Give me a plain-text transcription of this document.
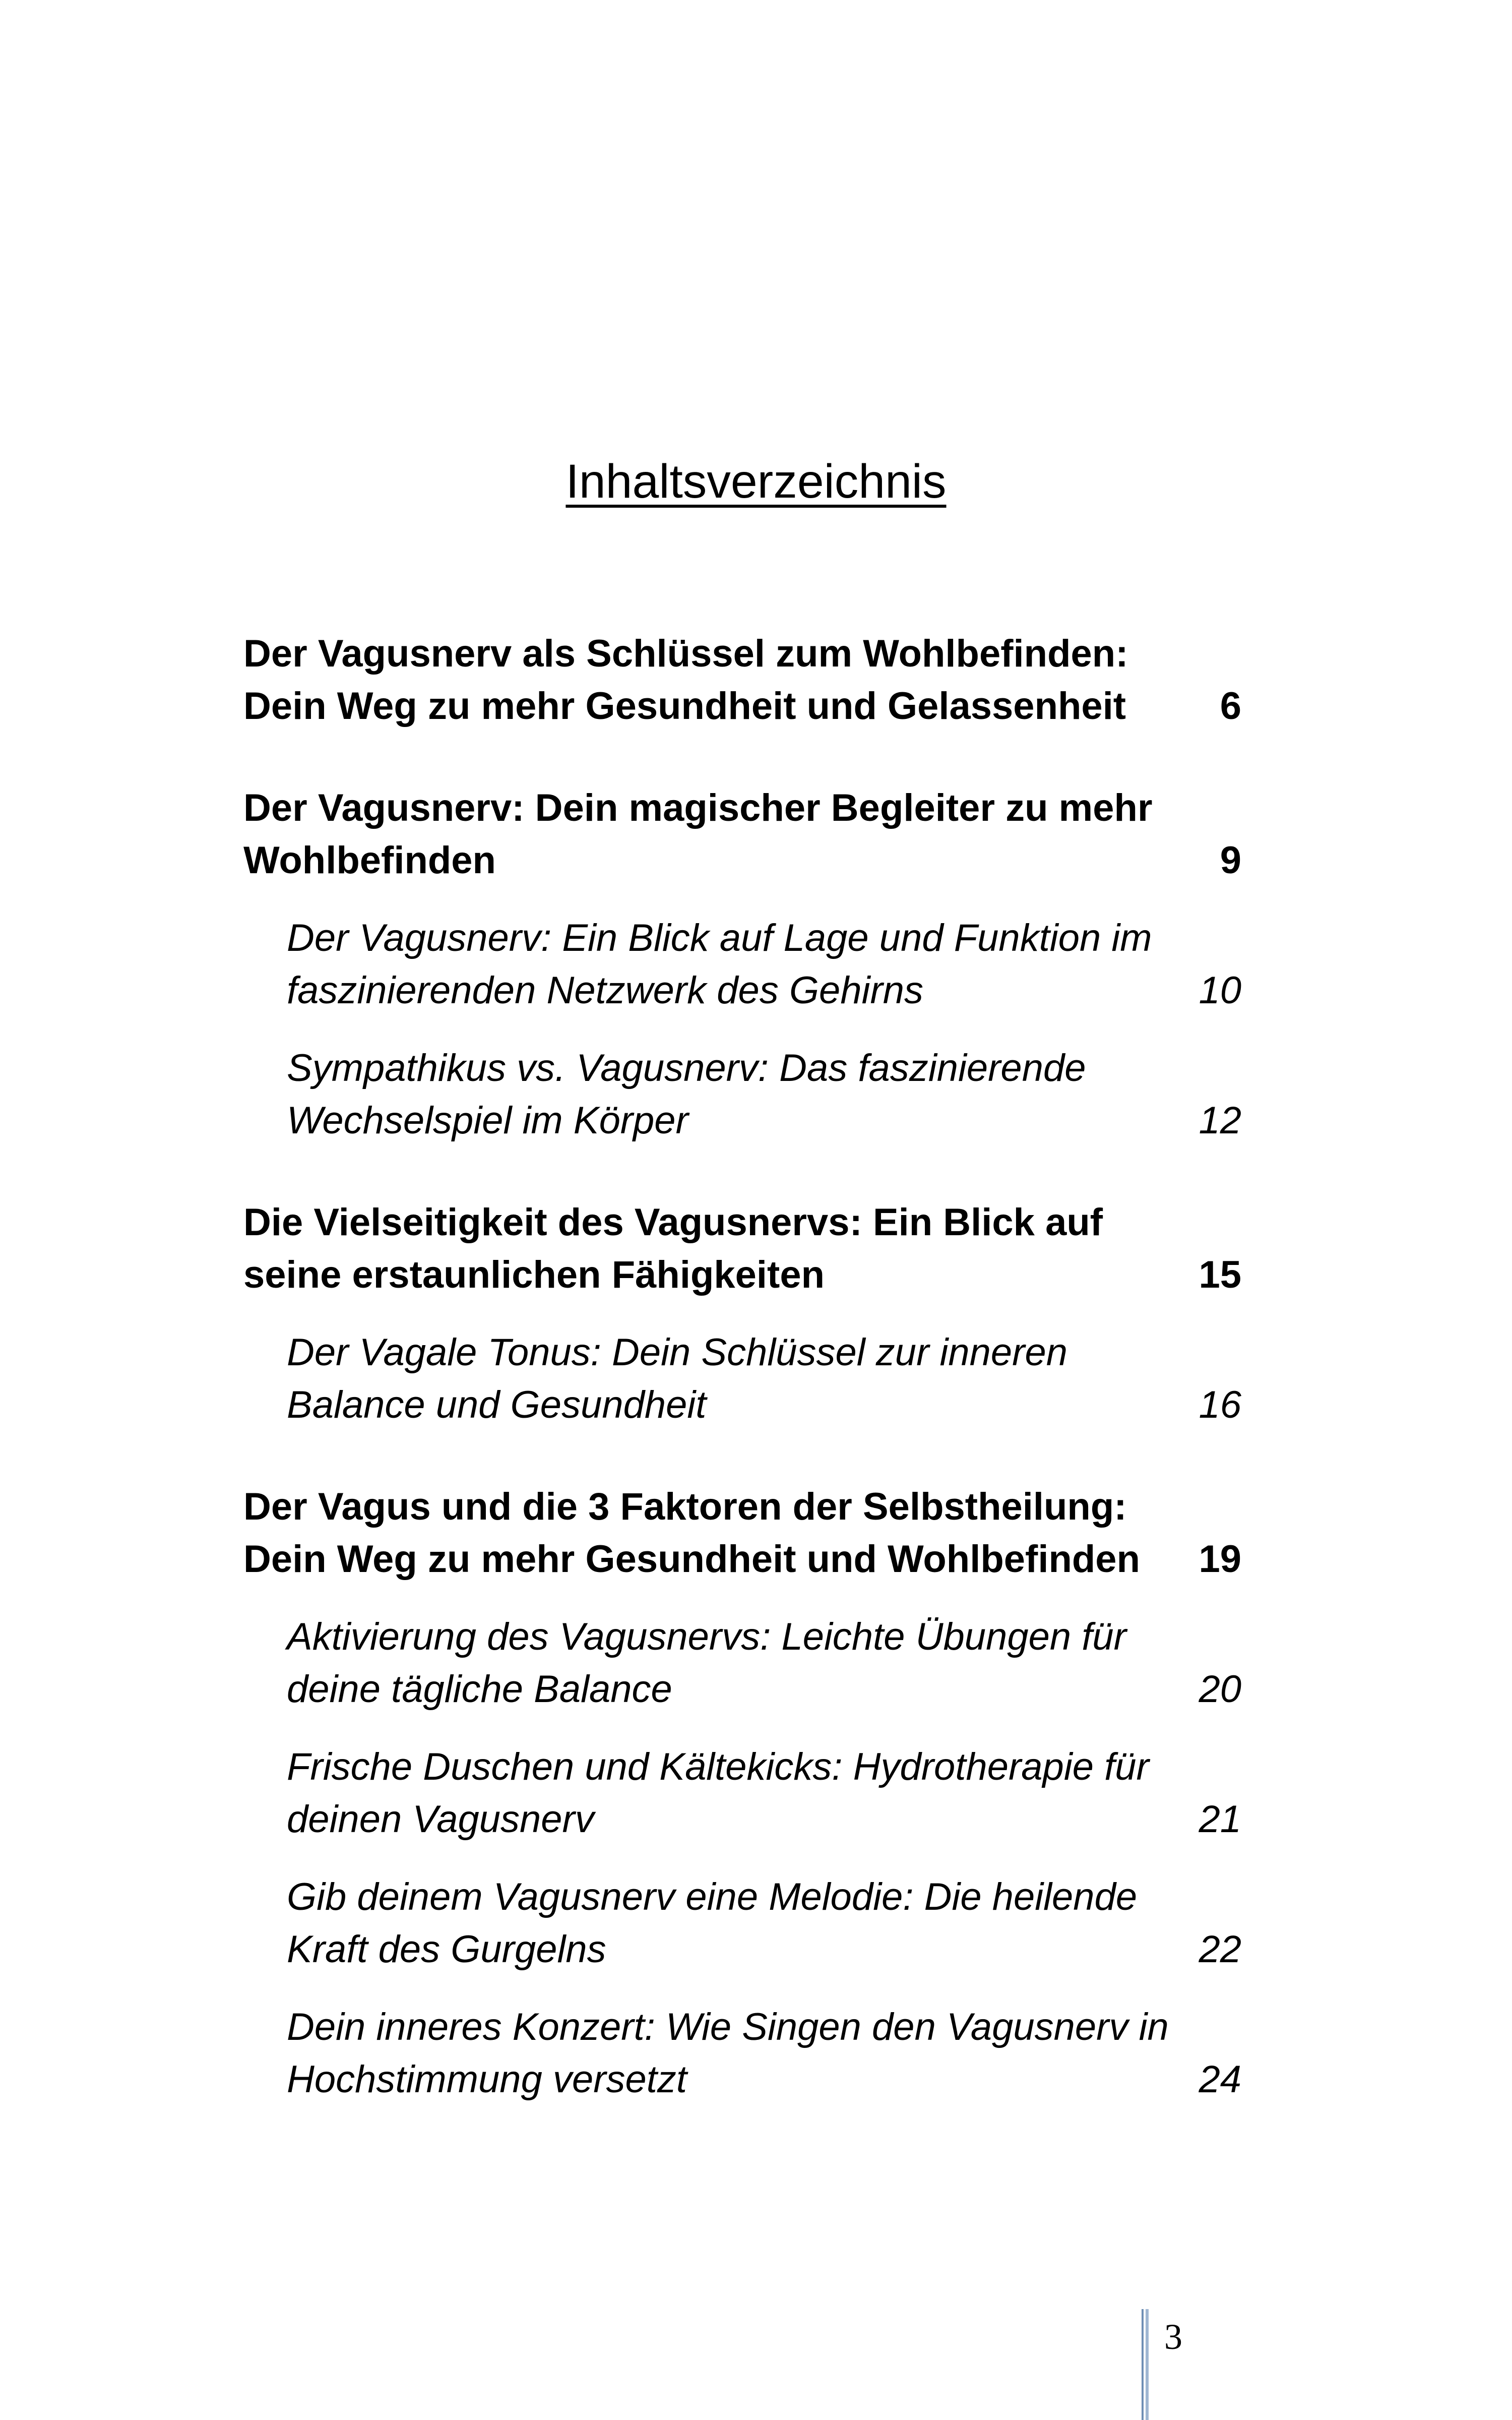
Inhaltsverzeichnis
Der Vagusnerv als Schlüssel zum Wohlbefinden: Dein Weg zu mehr Gesundheit und Gelassenheit	6
Der Vagusnerv: Dein magischer Begleiter zu mehr Wohlbefinden	9
Der Vagusnerv: Ein Blick auf Lage und Funktion im faszinierenden Netzwerk des Gehirns	10
Sympathikus vs. Vagusnerv: Das faszinierende Wechselspiel im Körper	12
Die Vielseitigkeit des Vagusnervs: Ein Blick auf seine erstaunlichen Fähigkeiten	15
Der Vagale Tonus: Dein Schlüssel zur inneren Balance und Gesundheit	16
Der Vagus und die 3 Faktoren der Selbstheilung: Dein Weg zu mehr Gesundheit und Wohlbefinden	19
Aktivierung des Vagusnervs: Leichte Übungen für deine tägliche Balance	20
Frische Duschen und Kältekicks: Hydrotherapie für deinen Vagusnerv	21
Gib deinem Vagusnerv eine Melodie: Die heilende Kraft des Gurgelns	22
Dein inneres Konzert: Wie Singen den Vagusnerv in Hochstimmung versetzt	24
3
